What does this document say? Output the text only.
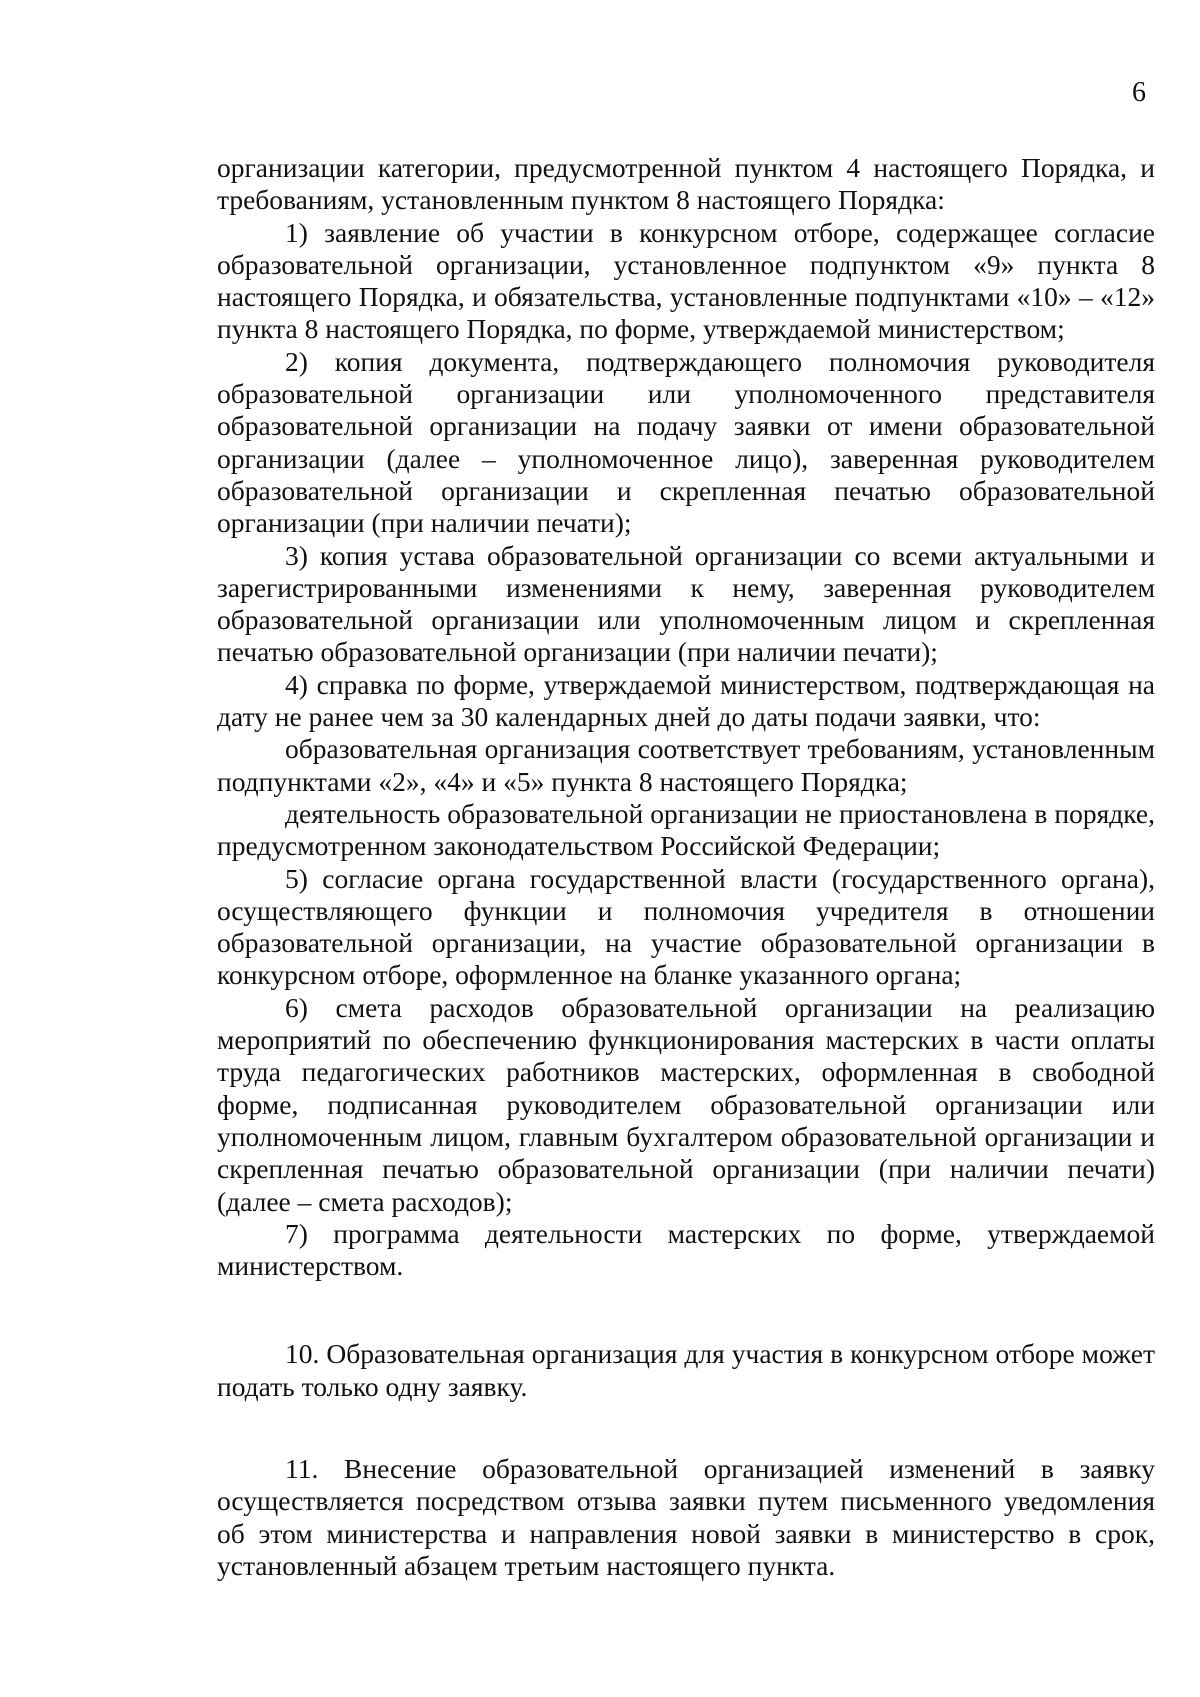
6

организации категории, предусмотренной пунктом 4 настоящего Порядка, и требованиям, установленным пунктом 8 настоящего Порядка:

1) заявление об участии в конкурсном отборе, содержащее согласие образовательной организации, установленное подпунктом «9» пункта 8 настоящего Порядка, и обязательства, установленные подпунктами «10» – «12» пункта 8 настоящего Порядка, по форме, утверждаемой министерством;

2) копия документа, подтверждающего полномочия руководителя образовательной организации или уполномоченного представителя образовательной организации на подачу заявки от имени образовательной организации (далее – уполномоченное лицо), заверенная руководителем образовательной организации и скрепленная печатью образовательной организации (при наличии печати);

3) копия устава образовательной организации со всеми актуальными и зарегистрированными изменениями к нему, заверенная руководителем образовательной организации или уполномоченным лицом и скрепленная печатью образовательной организации (при наличии печати);

4) справка по форме, утверждаемой министерством, подтверждающая на дату не ранее чем за 30 календарных дней до даты подачи заявки, что:

образовательная организация соответствует требованиям, установленным подпунктами «2», «4» и «5» пункта 8 настоящего Порядка;

деятельность образовательной организации не приостановлена в порядке, предусмотренном законодательством Российской Федерации;

5) согласие органа государственной власти (государственного органа), осуществляющего функции и полномочия учредителя в отношении образовательной организации, на участие образовательной организации в конкурсном отборе, оформленное на бланке указанного органа;

6) смета расходов образовательной организации на реализацию мероприятий по обеспечению функционирования мастерских в части оплаты труда педагогических работников мастерских, оформленная в свободной форме, подписанная руководителем образовательной организации или уполномоченным лицом, главным бухгалтером образовательной организации и скрепленная печатью образовательной организации (при наличии печати) (далее – смета расходов);

7) программа деятельности мастерских по форме, утверждаемой министерством.

10. Образовательная организация для участия в конкурсном отборе может подать только одну заявку.

11. Внесение образовательной организацией изменений в заявку осуществляется посредством отзыва заявки путем письменного уведомления об этом министерства и направления новой заявки в министерство в срок, установленный абзацем третьим настоящего пункта.
